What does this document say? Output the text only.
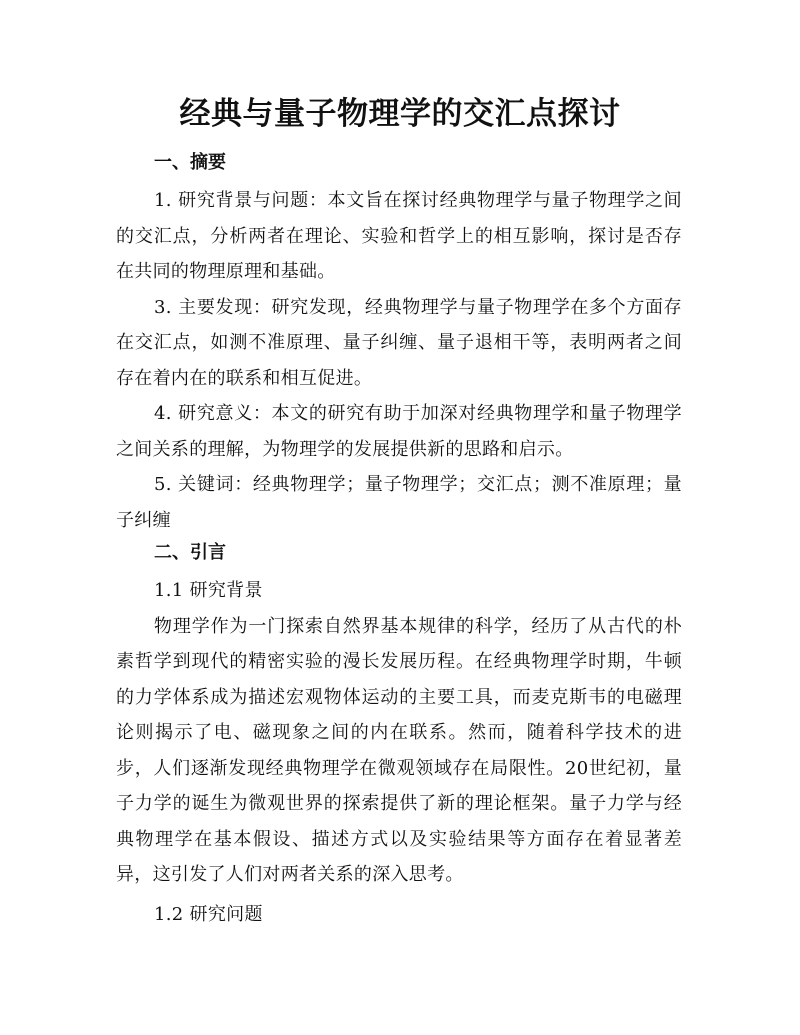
经典与量子物理学的交汇点探讨
一、摘要

1. 研究背景与问题：本文旨在探讨经典物理学与量子物理学之间的交汇点，分析两者在理论、实验和哲学上的相互影响，探讨是否存在共同的物理原理和基础。

3. 主要发现：研究发现，经典物理学与量子物理学在多个方面存在交汇点，如测不准原理、量子纠缠、量子退相干等，表明两者之间存在着内在的联系和相互促进。

4. 研究意义：本文的研究有助于加深对经典物理学和量子物理学之间关系的理解，为物理学的发展提供新的思路和启示。

5. 关键词：经典物理学；量子物理学；交汇点；测不准原理；量子纠缠

二、引言

1.1 研究背景

物理学作为一门探索自然界基本规律的科学，经历了从古代的朴素哲学到现代的精密实验的漫长发展历程。在经典物理学时期，牛顿的力学体系成为描述宏观物体运动的主要工具，而麦克斯韦的电磁理论则揭示了电、磁现象之间的内在联系。然而，随着科学技术的进步，人们逐渐发现经典物理学在微观领域存在局限性。20世纪初，量子力学的诞生为微观世界的探索提供了新的理论框架。量子力学与经典物理学在基本假设、描述方式以及实验结果等方面存在着显著差异，这引发了人们对两者关系的深入思考。

1.2 研究问题
